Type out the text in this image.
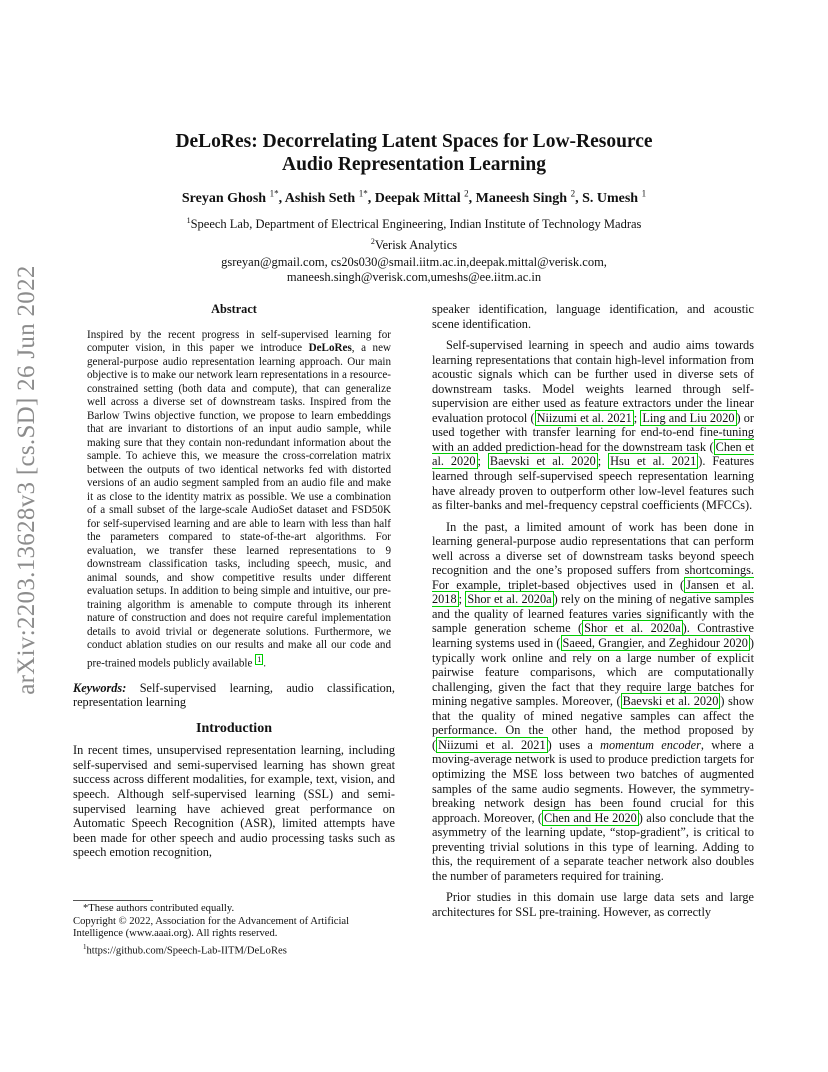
arXiv:2203.13628v3 [cs.SD] 26 Jun 2022
DeLoRes: Decorrelating Latent Spaces for Low-Resource
Audio Representation Learning
Sreyan Ghosh $^{1*}$, Ashish Seth $^{1*}$, Deepak Mittal $^2$, Maneesh Singh $^2$, S. Umesh $^1$
$^1$Speech Lab, Department of Electrical Engineering, Indian Institute of Technology Madras
$^2$Verisk Analytics
gsreyan@gmail.com, cs20s030@smail.iitm.ac.in,deepak.mittal@verisk.com,
maneesh.singh@verisk.com,umeshs@ee.iitm.ac.in
Abstract
Inspired by the recent progress in self-supervised learning for computer vision, in this paper we introduce DeLoRes, a new general-purpose audio representation learning approach. Our main objective is to make our network learn representations in a resource-constrained setting (both data and compute), that can generalize well across a diverse set of downstream tasks. Inspired from the Barlow Twins objective function, we propose to learn embeddings that are invariant to distortions of an input audio sample, while making sure that they contain non-redundant information about the sample. To achieve this, we measure the cross-correlation matrix between the outputs of two identical networks fed with distorted versions of an audio segment sampled from an audio file and make it as close to the identity matrix as possible. We use a combination of a small subset of the large-scale AudioSet dataset and FSD50K for self-supervised learning and are able to learn with less than half the parameters compared to state-of-the-art algorithms. For evaluation, we transfer these learned representations to 9 downstream classification tasks, including speech, music, and animal sounds, and show competitive results under different evaluation setups. In addition to being simple and intuitive, our pre-training algorithm is amenable to compute through its inherent nature of construction and does not require careful implementation details to avoid trivial or degenerate solutions. Furthermore, we conduct ablation studies on our results and make all our code and pre-trained models publicly available $^1$ .

Keywords: Self-supervised learning, audio classification, representation learning

Introduction

In recent times, unsupervised representation learning, including self-supervised and semi-supervised learning has shown great success across different modalities, for example, text, vision, and speech. Although self-supervised learning (SSL) and semi-supervised learning have achieved great performance on Automatic Speech Recognition (ASR), limited attempts have been made for other speech and audio processing tasks such as speech emotion recognition,

*These authors contributed equally.
Copyright © 2022, Association for the Advancement of Artificial Intelligence (www.aaai.org). All rights reserved.
$^1$https://github.com/Speech-Lab-IITM/DeLoRes

speaker identification, language identification, and acoustic scene identification.

Self-supervised learning in speech and audio aims towards learning representations that contain high-level information from acoustic signals which can be further used in diverse sets of downstream tasks. Model weights learned through self-supervision are either used as feature extractors under the linear evaluation protocol ( Niizumi et al. 2021 ; Ling and Liu 2020 ) or used together with transfer learning for end-to-end fine-tuning with an added prediction-head for the downstream task ( Chen et al. 2020 ; Baevski et al. 2020 ; Hsu et al. 2021 ). Features learned through self-supervised speech representation learning have already proven to outperform other low-level features such as filter-banks and mel-frequency cepstral coefficients (MFCCs).

In the past, a limited amount of work has been done in learning general-purpose audio representations that can perform well across a diverse set of downstream tasks beyond speech recognition and the one’s proposed suffers from shortcomings. For example, triplet-based objectives used in ( Jansen et al. 2018 ; Shor et al. 2020a ) rely on the mining of negative samples and the quality of learned features varies significantly with the sample generation scheme ( Shor et al. 2020a ). Contrastive learning systems used in ( Saeed, Grangier, and Zeghidour 2020 ) typically work online and rely on a large number of explicit pairwise feature comparisons, which are computationally challenging, given the fact that they require large batches for mining negative samples. Moreover, ( Baevski et al. 2020 ) show that the quality of mined negative samples can affect the performance. On the other hand, the method proposed by ( Niizumi et al. 2021 ) uses a momentum encoder, where a moving-average network is used to produce prediction targets for optimizing the MSE loss between two batches of augmented samples of the same audio segments. However, the symmetry-breaking network design has been found crucial for this approach. Moreover, ( Chen and He 2020 ) also conclude that the asymmetry of the learning update, “stop-gradient”, is critical to preventing trivial solutions in this type of learning. Adding to this, the requirement of a separate teacher network also doubles the number of parameters required for training.

Prior studies in this domain use large data sets and large architectures for SSL pre-training. However, as correctly
